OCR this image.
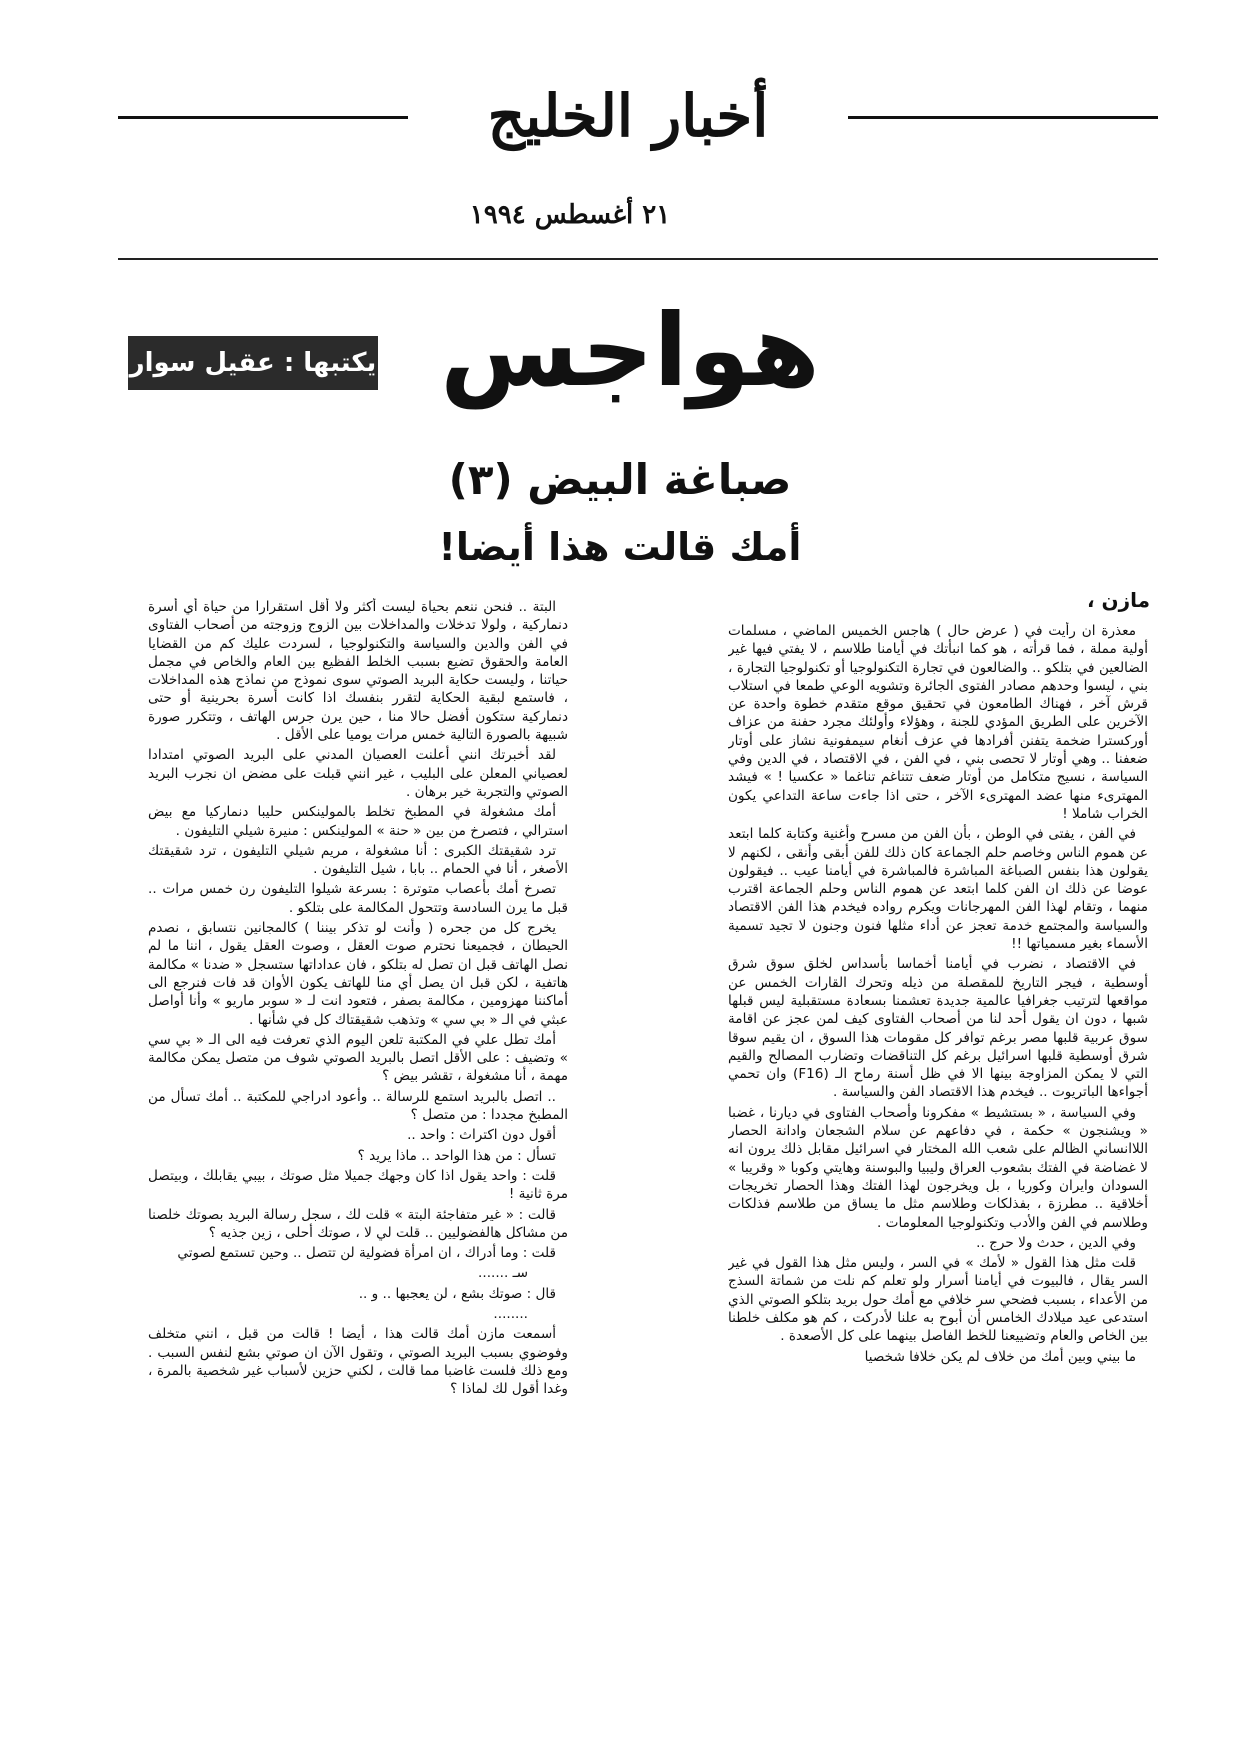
أخبار الخليج
٢١ أغسطس ١٩٩٤
هواجس
يكتبها : عقيل سوار
صباغة البيض (٣)
أمك قالت هذا أيضا!
مازن ،

معذرة ان رأيت في ( عرض حال ) هاجس الخميس الماضي ، مسلمات أولية مملة ، فما قرأته ، هو كما انبأتك في أيامنا طلاسم ، لا يفتي فيها غير الضالعين في بتلكو .. والضالعون في تجارة التكنولوجيا أو تكنولوجيا التجارة ، بني ، ليسوا وحدهم مصادر الفتوى الجائرة وتشويه الوعي طمعا في استلاب قرش آخر ، فهناك الطامعون في تحقيق موقع متقدم خطوة واحدة عن الآخرين على الطريق المؤدي للجنة ، وهؤلاء وأولئك مجرد حفنة من عزاف أوركسترا ضخمة يتفنن أفرادها في عزف أنغام سيمفونية نشاز على أوتار ضعفنا .. وهي أوتار لا تحصى بني ، في الفن ، في الاقتصاد ، في الدين وفي السياسة ، نسيج متكامل من أوتار ضعف تتناغم تناغما « عكسيا ! » فيشد المهترىء منها عضد المهترىء الآخر ، حتى اذا جاءت ساعة التداعي يكون الخراب شاملا !

في الفن ، يفتى في الوطن ، بأن الفن من مسرح وأغنية وكتابة كلما ابتعد عن هموم الناس وخاصم حلم الجماعة كان ذلك للفن أبقى وأنقى ، لكنهم لا يقولون هذا بنفس الصباغة المباشرة فالمباشرة في أيامنا عيب .. فيقولون عوضا عن ذلك ان الفن كلما ابتعد عن هموم الناس وحلم الجماعة اقترب منهما ، وتقام لهذا الفن المهرجانات ويكرم رواده فيخدم هذا الفن الاقتصاد والسياسة والمجتمع خدمة تعجز عن أداء مثلها فنون وجنون لا تجيد تسمية الأسماء بغير مسمياتها !!

في الاقتصاد ، نضرب في أيامنا أخماسا بأسداس لخلق سوق شرق أوسطية ، فيجر التاريخ للمقصلة من ذيله وتحرك القارات الخمس عن مواقعها لترتيب جغرافيا عالمية جديدة تعشمنا بسعادة مستقبلية ليس قبلها شبها ، دون ان يقول أحد لنا من أصحاب الفتاوى كيف لمن عجز عن اقامة سوق عربية قلبها مصر برغم توافر كل مقومات هذا السوق ، ان يقيم سوقا شرق أوسطية قلبها اسرائيل برغم كل التناقضات وتضارب المصالح والقيم التي لا يمكن المزاوجة بينها الا في ظل أسنة رماح الـ (F16) وان تحمي أجواءها الباتريوت .. فيخدم هذا الاقتصاد الفن والسياسة .

وفي السياسة ، « بستشيط » مفكرونا وأصحاب الفتاوى في ديارنا ، غضبا « ويشنجون » حكمة ، في دفاعهم عن سلام الشجعان وادانة الحصار اللاانساني الظالم على شعب الله المختار في اسرائيل مقابل ذلك يرون انه لا غضاضة في الفتك بشعوب العراق وليبيا والبوسنة وهايتي وكوبا « وقريبا » السودان وايران وكوريا ، بل ويخرجون لهذا الفتك وهذا الحصار تخريجات أخلاقية .. مطرزة ، بفذلكات وطلاسم مثل ما يساق من طلاسم فذلكات وطلاسم في الفن والأدب وتكنولوجيا المعلومات .

وفي الدين ، حدث ولا حرج ..

قلت مثل هذا القول « لأمك » في السر ، وليس مثل هذا القول في غير السر يقال ، فالبيوت في أيامنا أسرار ولو تعلم كم نلت من شماتة السذج من الأعداء ، بسبب فضحي سر خلافي مع أمك حول بريد بتلكو الصوتي الذي استدعى عيد ميلادك الخامس أن أبوح به علنا لأدركت ، كم هو مكلف خلطنا بين الخاص والعام وتضييعنا للخط الفاصل بينهما على كل الأصعدة .

ما بيني وبين أمك من خلاف لم يكن خلافا شخصيا

البتة .. فنحن ننعم بحياة ليست أكثر ولا أقل استقرارا من حياة أي أسرة دنماركية ، ولولا تدخلات والمداخلات بين الزوج وزوجته من أصحاب الفتاوى في الفن والدين والسياسة والتكنولوجيا ، لسردت عليك كم من القضايا العامة والحقوق تضيع بسبب الخلط الفظيع بين العام والخاص في مجمل حياتنا ، وليست حكاية البريد الصوتي سوى نموذج من نماذج هذه المداخلات ، فاستمع لبقية الحكاية لتقرر بنفسك اذا كانت أسرة بحرينية أو حتى دنماركية ستكون أفضل حالا منا ، حين يرن جرس الهاتف ، وتتكرر صورة شبيهة بالصورة التالية خمس مرات يوميا على الأقل .

لقد أخبرتك انني أعلنت العصيان المدني على البريد الصوتي امتدادا لعصياني المعلن على البليب ، غير انني قبلت على مضض ان نجرب البريد الصوتي والتجربة خير برهان .

أمك مشغولة في المطبخ تخلط بالمولينكس حليبا دنماركيا مع بيض استرالي ، فتصرخ من بين « حنة » المولينكس : منيرة شيلي التليفون .

ترد شقيقتك الكبرى : أنا مشغولة ، مريم شيلي التليفون ، ترد شقيقتك الأصغر ، أنا في الحمام .. بابا ، شيل التليفون .

تصرخ أمك بأعصاب متوترة : بسرعة شيلوا التليفون رن خمس مرات .. قبل ما يرن السادسة وتتحول المكالمة على بتلكو .

يخرج كل من جحره ( وأنت لو تذكر بيننا ) كالمجانين نتسابق ، نصدم الحيطان ، فجميعنا نحترم صوت العقل ، وصوت العقل يقول ، اننا ما لم نصل الهاتف قبل ان تصل له بتلكو ، فان عداداتها ستسجل « ضدنا » مكالمة هاتفية ، لكن قبل ان يصل أي منا للهاتف يكون الأوان قد فات فنرجع الى أماكننا مهزومين ، مكالمة بصفر ، فتعود انت لـ « سوبر ماريو » وأنا أواصل عبثي في الـ « بي سي » وتذهب شقيقتاك كل في شأنها .

أمك تطل علي في المكتبة تلعن اليوم الذي تعرفت فيه الى الـ « بي سي » وتضيف : على الأقل اتصل بالبريد الصوتي شوف من متصل يمكن مكالمة مهمة ، أنا مشغولة ، تقشر بيض ؟

.. اتصل بالبريد استمع للرسالة .. وأعود ادراجي للمكتبة .. أمك تسأل من المطبخ مجددا : من متصل ؟

أقول دون اكتراث : واحد ..

تسأل : من هذا الواحد .. ماذا يريد ؟

قلت : واحد يقول اذا كان وجهك جميلا مثل صوتك ، بيبي يقابلك ، وبيتصل مرة ثانية !

قالت : « غير متفاجئة البتة » قلت لك ، سجل رسالة البريد بصوتك خلصنا من مشاكل هالفضوليين .. قلت لي لا ، صوتك أحلى ، زين جذيه ؟

قلت : وما أدراك ، ان امرأة فضولية لن تتصل .. وحين تستمع لصوتي

سـ .......

قال : صوتك بشع ، لن يعجبها .. و ..

........

أسمعت مازن أمك قالت هذا ، أيضا ! قالت من قبل ، انني متخلف وفوضوي بسبب البريد الصوتي ، وتقول الآن ان صوتي بشع لنفس السبب . ومع ذلك فلست غاضبا مما قالت ، لكني حزين لأسباب غير شخصية بالمرة ، وغدا أقول لك لماذا ؟
